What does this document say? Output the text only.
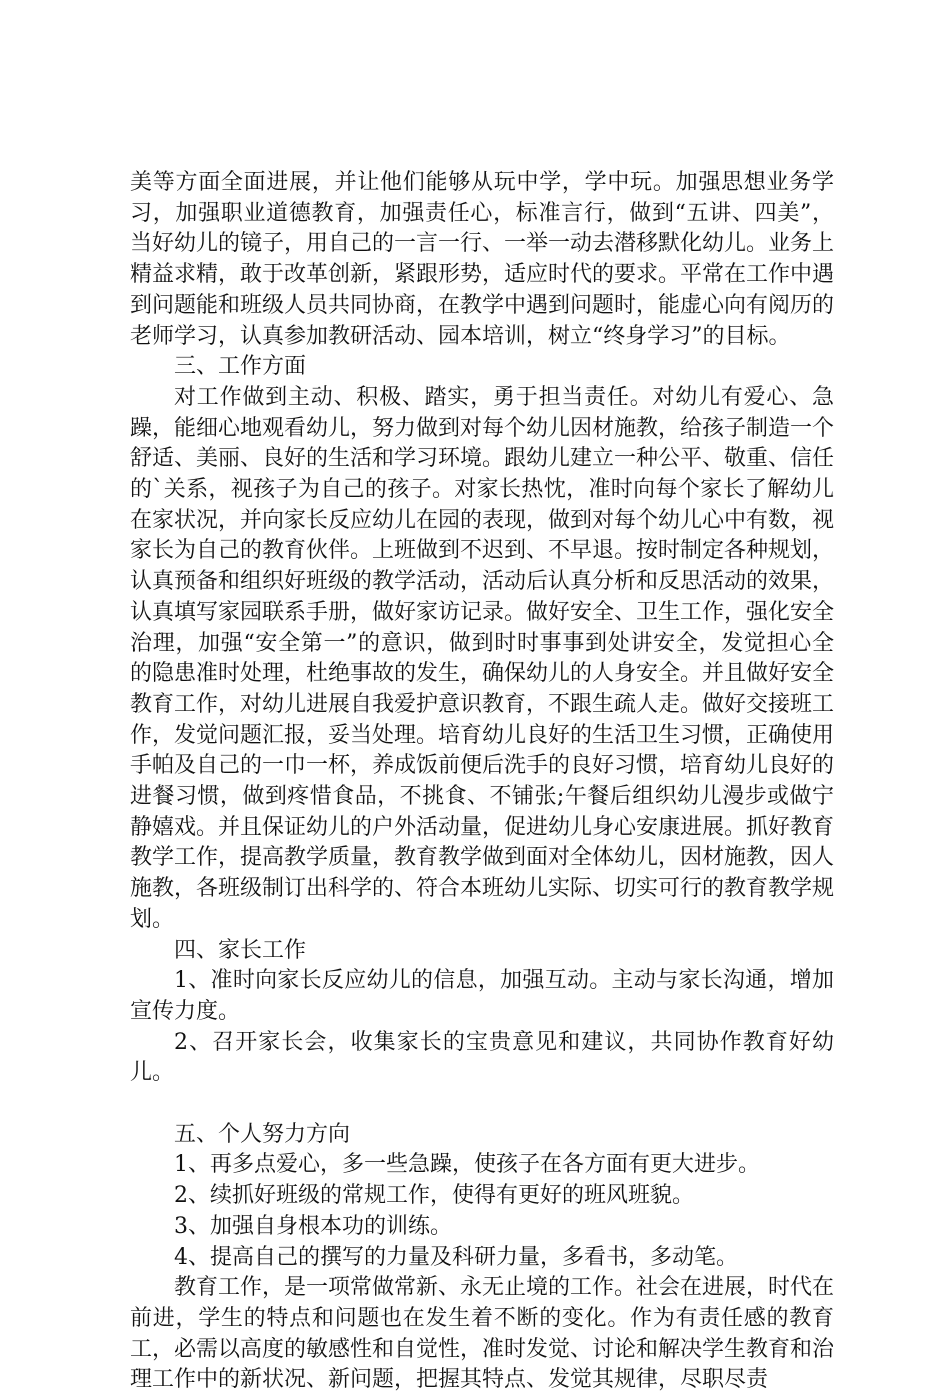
美等方面全面进展，并让他们能够从玩中学，学中玩。加强思想业务学习，加强职业道德教育，加强责任心，标准言行，做到“五讲、四美”，当好幼儿的镜子，用自己的一言一行、一举一动去潜移默化幼儿。业务上精益求精，敢于改革创新，紧跟形势，适应时代的要求。平常在工作中遇到问题能和班级人员共同协商，在教学中遇到问题时，能虚心向有阅历的老师学习，认真参加教研活动、园本培训，树立“终身学习”的目标。

三、工作方面

对工作做到主动、积极、踏实，勇于担当责任。对幼儿有爱心、急躁，能细心地观看幼儿，努力做到对每个幼儿因材施教，给孩子制造一个舒适、美丽、良好的生活和学习环境。跟幼儿建立一种公平、敬重、信任的`关系，视孩子为自己的孩子。对家长热忱，准时向每个家长了解幼儿在家状况，并向家长反应幼儿在园的表现，做到对每个幼儿心中有数，视家长为自己的教育伙伴。上班做到不迟到、不早退。按时制定各种规划，认真预备和组织好班级的教学活动，活动后认真分析和反思活动的效果，认真填写家园联系手册，做好家访记录。做好安全、卫生工作，强化安全治理，加强“安全第一”的意识，做到时时事事到处讲安全，发觉担心全的隐患准时处理，杜绝事故的发生，确保幼儿的人身安全。并且做好安全教育工作，对幼儿进展自我爱护意识教育，不跟生疏人走。做好交接班工作，发觉问题汇报，妥当处理。培育幼儿良好的生活卫生习惯，正确使用手帕及自己的一巾一杯，养成饭前便后洗手的良好习惯，培育幼儿良好的进餐习惯，做到疼惜食品，不挑食、不铺张;午餐后组织幼儿漫步或做宁静嬉戏。并且保证幼儿的户外活动量，促进幼儿身心安康进展。抓好教育教学工作，提高教学质量，教育教学做到面对全体幼儿，因材施教，因人施教，各班级制订出科学的、符合本班幼儿实际、切实可行的教育教学规划。

四、家长工作

1、准时向家长反应幼儿的信息，加强互动。主动与家长沟通，增加宣传力度。

2、召开家长会，收集家长的宝贵意见和建议，共同协作教育好幼儿。

五、个人努力方向

1、再多点爱心，多一些急躁，使孩子在各方面有更大进步。

2、续抓好班级的常规工作，使得有更好的班风班貌。

3、加强自身根本功的训练。

4、提高自己的撰写的力量及科研力量，多看书，多动笔。

教育工作，是一项常做常新、永无止境的工作。社会在进展，时代在前进，学生的特点和问题也在发生着不断的变化。作为有责任感的教育工，必需以高度的敏感性和自觉性，准时发觉、讨论和解决学生教育和治理工作中的新状况、新问题，把握其特点、发觉其规律，尽职尽责
